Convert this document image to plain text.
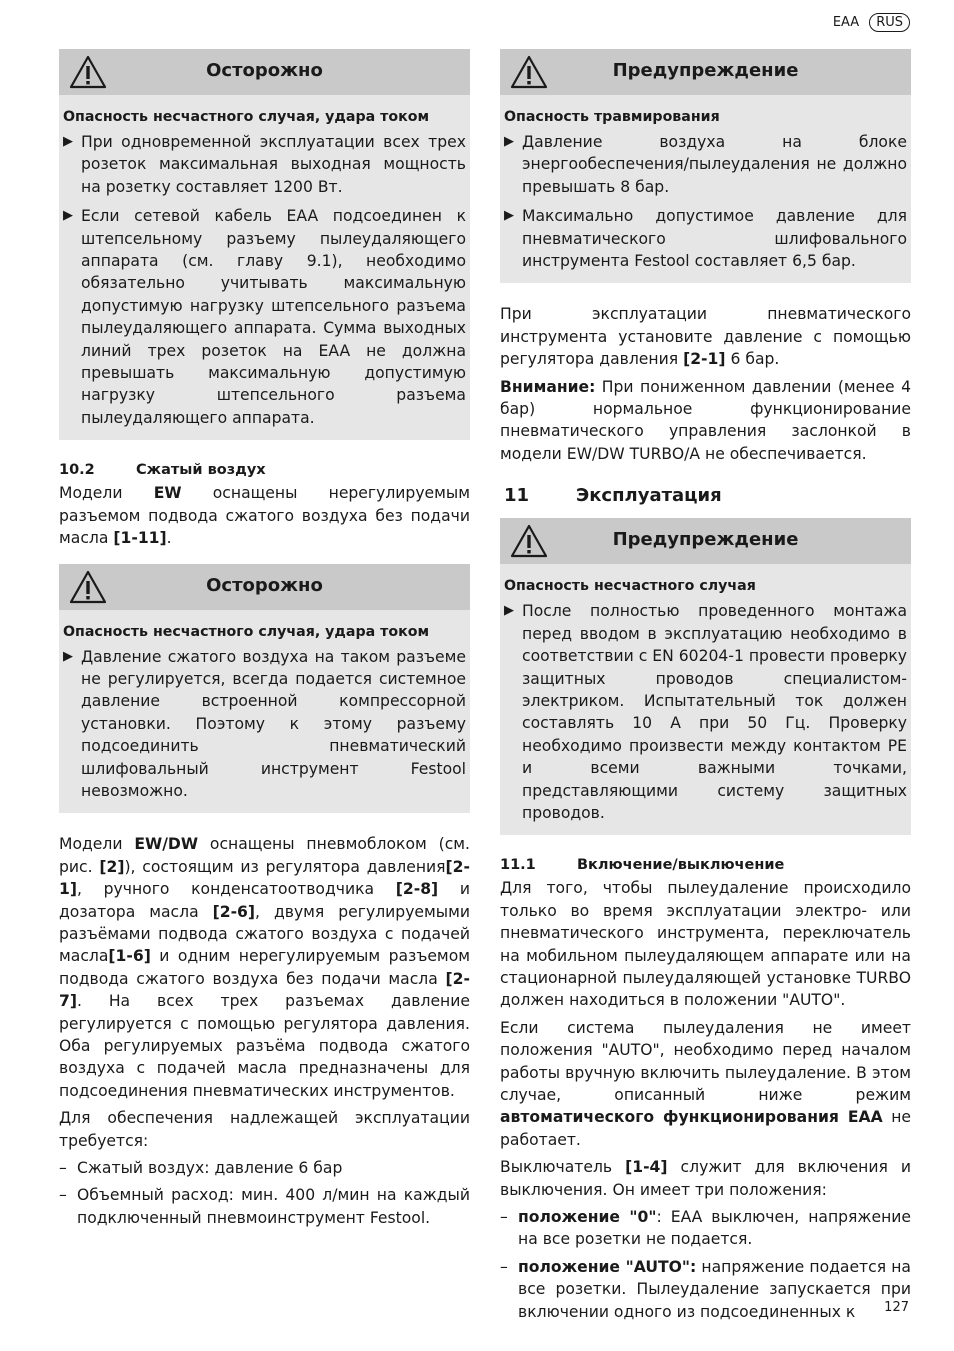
EAA	RUS
Осторожно
Опасность несчастного случая, удара током
▶ При одновременной эксплуатации всех трех розеток максимальная выходная мощность на розетку составляет 1200 Вт.
▶ Если сетевой кабель EAA подсоединен к штепсельному разъему пылеудаляющего аппарата (см. главу 9.1), необходимо обязательно учитывать максимальную допустимую нагрузку штепсельного разъема пылеудаляющего аппарата. Сумма выходных линий трех розеток на EAA не должна превышать максимальную допустимую нагрузку штепсельного разъема пылеудаляющего аппарата.
10.2	Сжатый воздух

Модели EW оснащены нерегулируемым разъемом подвода сжатого воздуха без подачи масла [1-11].

Осторожно
Опасность несчастного случая, удара током
▶ Давление сжатого воздуха на таком разъеме не регулируется, всегда подается системное давление встроенной компрессорной установки. Поэтому к этому разъему подсоединить пневматический шлифовальный инструмент Festool невозможно.

Модели EW/DW оснащены пневмоблоком (см. рис. [2]), состоящим из регулятора давления[2-1], ручного конденсатоотводчика [2-8] и дозатора масла [2-6], двумя регулируемыми разъёмами подвода сжатого воздуха с подачей масла[1-6] и одним нерегулируемым разъемом подвода сжатого воздуха без подачи масла [2-7]. На всех трех разъемах давление регулируется с помощью регулятора давления. Оба регулируемых разъёма подвода сжатого воздуха с подачей масла предназначены для подсоединения пневматических инструментов.

Для обеспечения надлежащей эксплуатации требуется:

– Сжатый воздух: давление 6 бар
– Объемный расход: мин. 400 л/мин на каждый подключенный пневмоинструмент Festool.
Предупреждение
Опасность травмирования
▶ Давление воздуха на блоке энергообеспечения/пылеудаления не должно превышать 8 бар.
▶ Максимально допустимое давление для пневматического шлифовального инструмента Festool составляет 6,5 бар.

При эксплуатации пневматического инструмента установите давление с помощью регулятора давления [2-1] 6 бар.

Внимание: При пониженном давлении (менее 4 бар) нормальное функционирование пневматического управления заслонкой в модели EW/DW TURBO/A не обеспечивается.

11	Эксплуатация
Предупреждение
Опасность несчастного случая
▶ После полностью проведенного монтажа перед вводом в эксплуатацию необходимо в соответствии с EN 60204-1 провести проверку защитных проводов специалистом-электриком. Испытательный ток должен составлять 10 А при 50 Гц. Проверку необходимо произвести между контактом PE и всеми важными точками, представляющими систему защитных проводов.
11.1	Включение/выключение

Для того, чтобы пылеудаление происходило только во время эксплуатации электро- или пневматического инструмента, переключатель на мобильном пылеудаляющем аппарате или на стационарной пылеудаляющей установке TURBO должен находиться в положении "AUTO".

Если система пылеудаления не имеет положения "AUTO", необходимо перед началом работы вручную включить пылеудаление. В этом случае, описанный ниже режим автоматического функционирования EAA не работает.

Выключатель [1-4] служит для включения и выключения. Он имеет три положения:

– положение "0": EAA выключен, напряжение на все розетки не подается.
– положение "AUTO": напряжение подается на все розетки. Пылеудаление запускается при включении одного из подсоединенных к	127
